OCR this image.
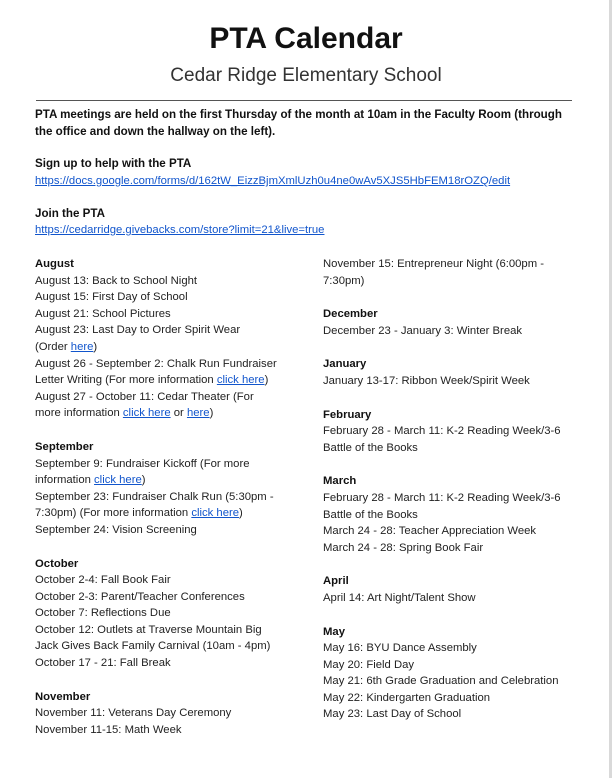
PTA Calendar
Cedar Ridge Elementary School
PTA meetings are held on the first Thursday of the month at 10am in the Faculty Room (through the office and down the hallway on the left).
Sign up to help with the PTA
https://docs.google.com/forms/d/162tW_EizzBjmXmlUzh0u4ne0wAv5XJS5HbFEM18rOZQ/edit
Join the PTA
https://cedarridge.givebacks.com/store?limit=21&live=true
August
August 13: Back to School Night
August 15: First Day of School
August 21: School Pictures
August 23: Last Day to Order Spirit Wear
(Order here)
August 26 - September 2: Chalk Run Fundraiser
Letter Writing (For more information click here)
August 27 - October 11: Cedar Theater (For
more information click here or here)
September
September 9: Fundraiser Kickoff (For more
information click here)
September 23: Fundraiser Chalk Run (5:30pm -
7:30pm) (For more information click here)
September 24: Vision Screening
October
October 2-4: Fall Book Fair
October 2-3: Parent/Teacher Conferences
October 7: Reflections Due
October 12: Outlets at Traverse Mountain Big
Jack Gives Back Family Carnival (10am - 4pm)
October 17 - 21: Fall Break
November
November 11: Veterans Day Ceremony
November 11-15: Math Week
November 15: Entrepreneur Night (6:00pm -
7:30pm)
December
December 23 - January 3: Winter Break
January
January 13-17: Ribbon Week/Spirit Week
February
February 28 - March 11: K-2 Reading Week/3-6
Battle of the Books
March
February 28 - March 11: K-2 Reading Week/3-6
Battle of the Books
March 24 - 28: Teacher Appreciation Week
March 24 - 28: Spring Book Fair
April
April 14: Art Night/Talent Show
May
May 16: BYU Dance Assembly
May 20: Field Day
May 21: 6th Grade Graduation and Celebration
May 22: Kindergarten Graduation
May 23: Last Day of School
